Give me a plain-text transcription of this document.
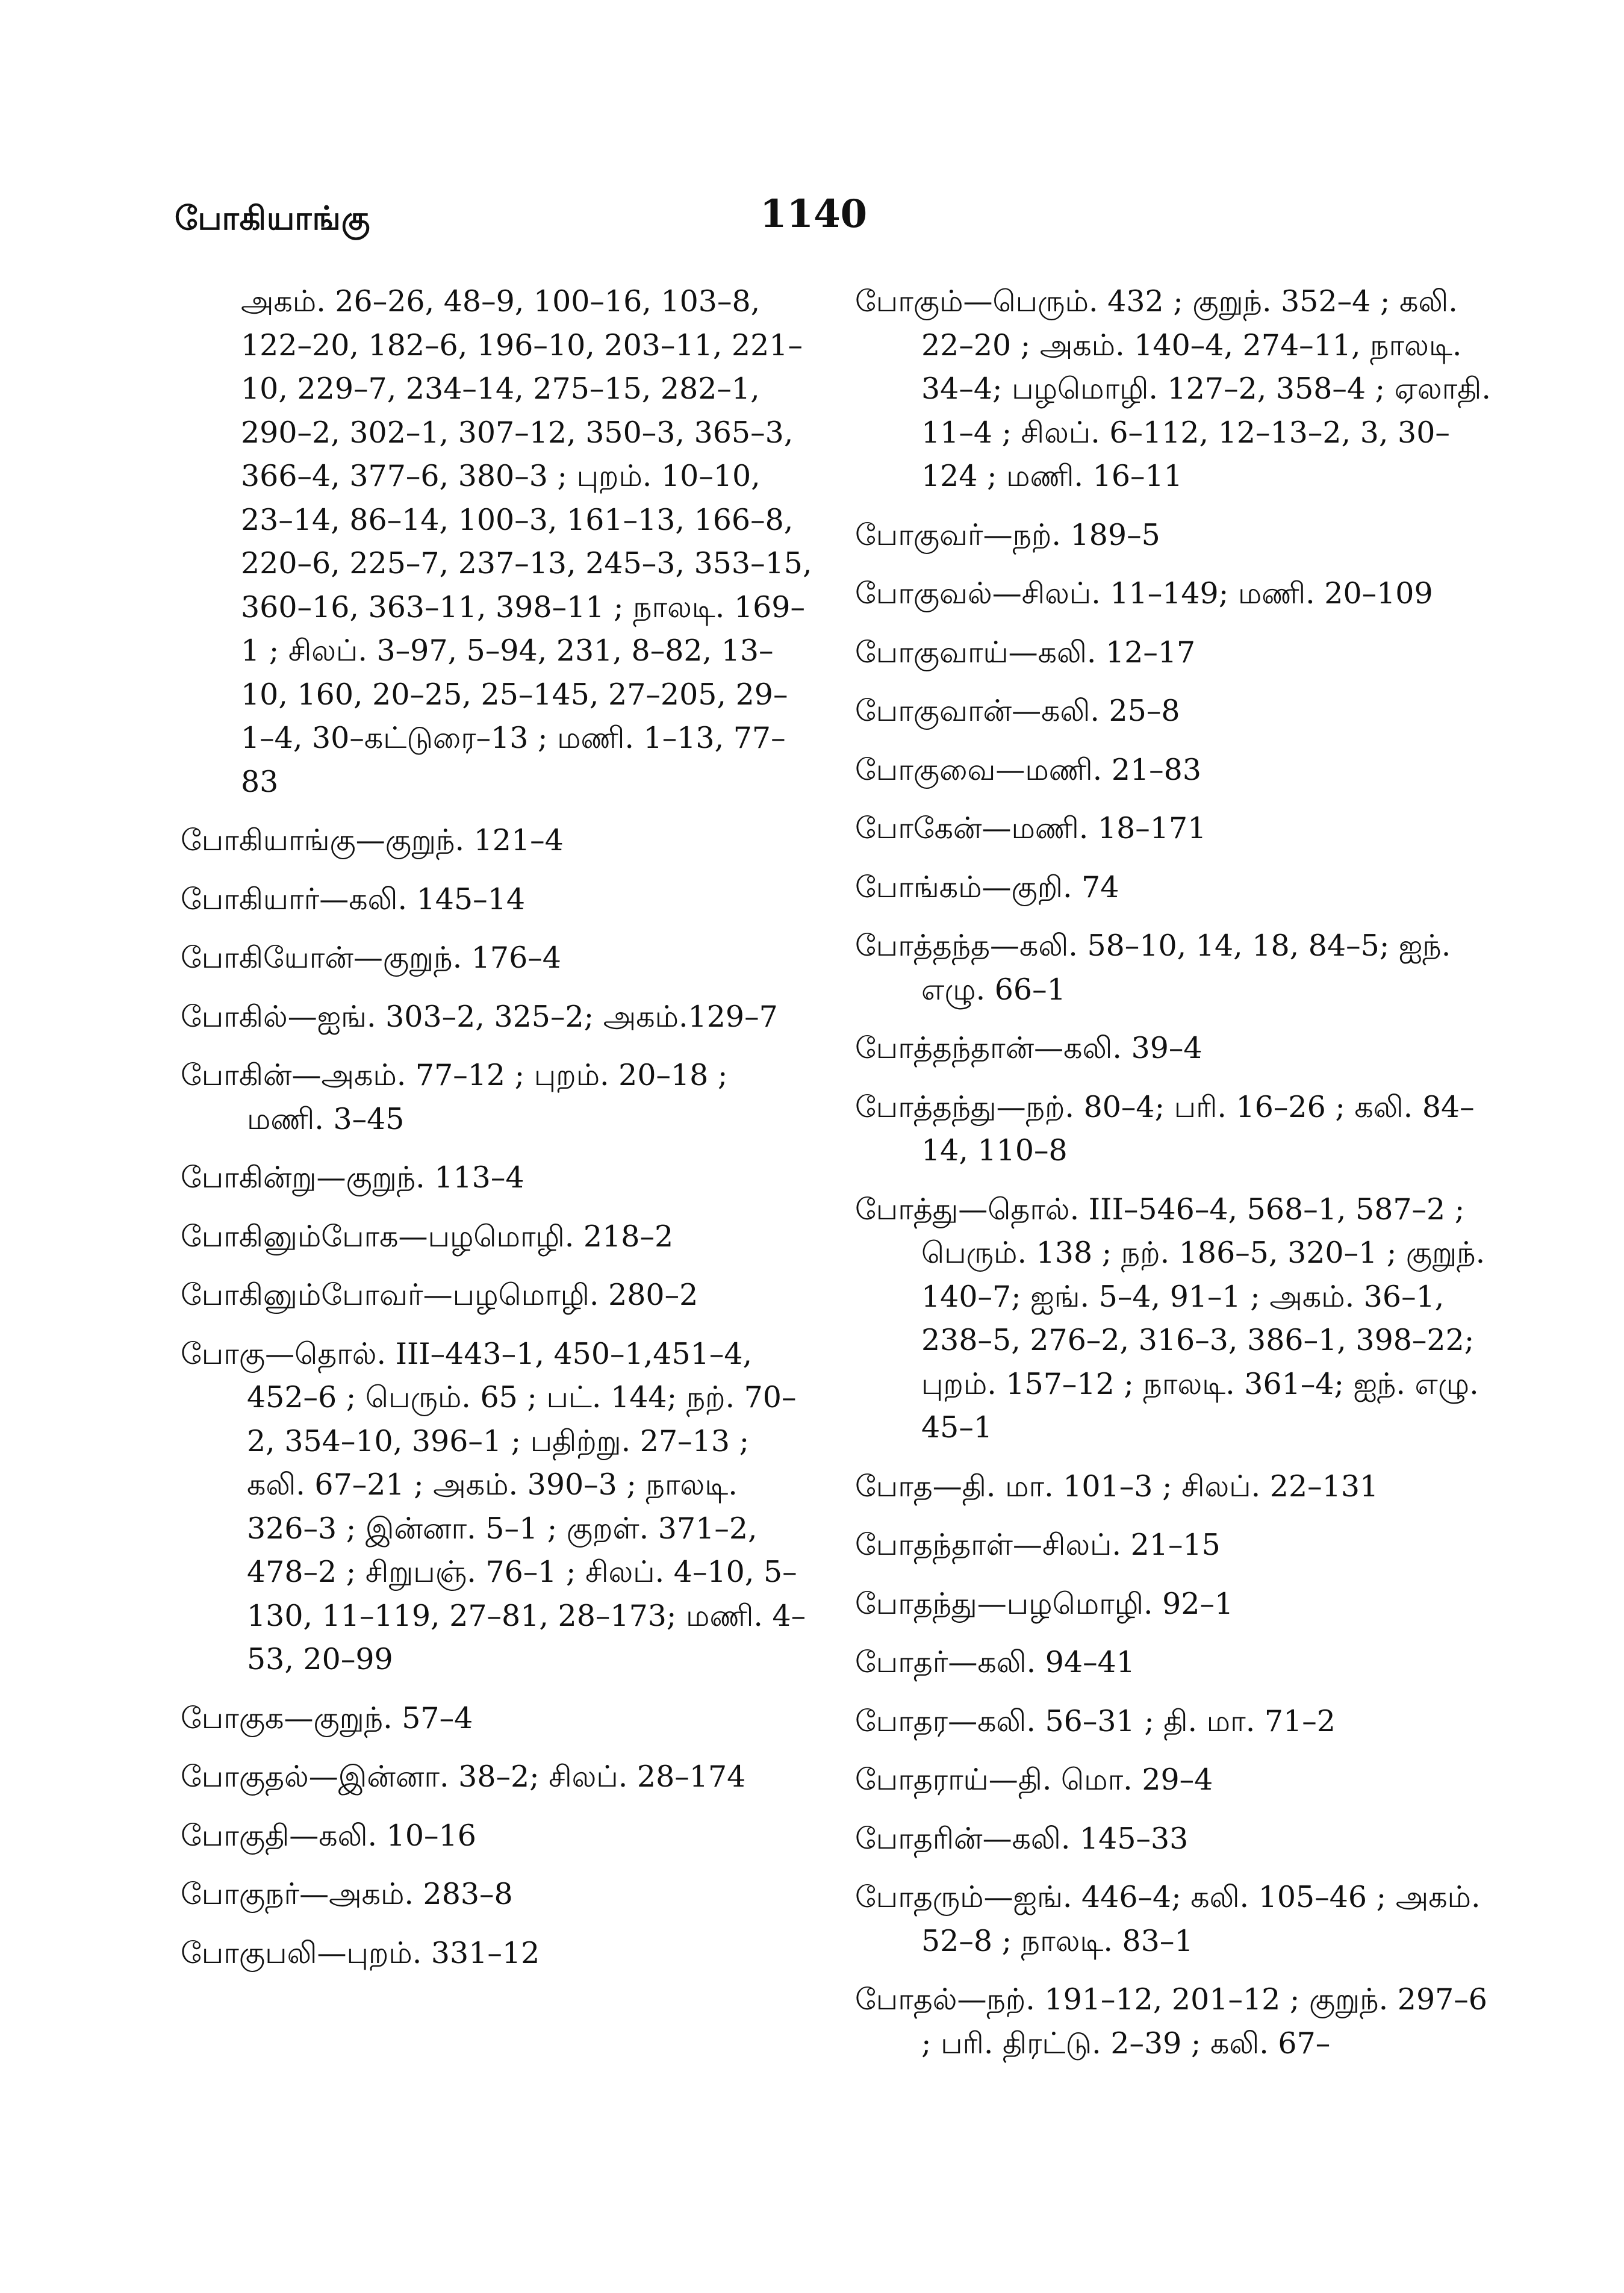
போகியாங்கு	1140
அகம். 26–26, 48–9, 100–16, 103–8, 122–20, 182–6, 196–10, 203–11, 221–10, 229–7, 234–14, 275–15, 282–1, 290–2, 302–1, 307–12, 350–3, 365–3, 366–4, 377–6, 380–3 ; புறம். 10–10, 23–14, 86–14, 100–3, 161–13, 166–8, 220–6, 225–7, 237–13, 245–3, 353–15, 360–16, 363–11, 398–11 ; நாலடி. 169–1 ; சிலப். 3–97, 5–94, 231, 8–82, 13–10, 160, 20–25, 25–145, 27–205, 29–1–4, 30–கட்டுரை–13 ; மணி. 1–13, 77–83
போகியாங்கு—குறுந். 121–4
போகியார்—கலி. 145–14
போகியோன்—குறுந். 176–4
போகில்—ஐங். 303–2, 325–2; அகம்.129–7
போகின்—அகம். 77–12 ; புறம். 20–18 ; மணி. 3–45
போகின்று—குறுந். 113–4
போகினும்போக—பழமொழி. 218–2
போகினும்போவர்—பழமொழி. 280–2
போகு—தொல். III–443–1, 450–1,451–4, 452–6 ; பெரும். 65 ; பட். 144; நற். 70–2, 354–10, 396–1 ; பதிற்று. 27–13 ; கலி. 67–21 ; அகம். 390–3 ; நாலடி. 326–3 ; இன்னா. 5–1 ; குறள். 371–2, 478–2 ; சிறுபஞ். 76–1 ; சிலப். 4–10, 5–130, 11–119, 27–81, 28–173; மணி. 4–53, 20–99
போகுக—குறுந். 57–4
போகுதல்—இன்னா. 38–2; சிலப். 28–174
போகுதி—கலி. 10–16
போகுநர்—அகம். 283–8
போகுபலி—புறம். 331–12
போகும்—பெரும். 432 ; குறுந். 352–4 ; கலி. 22–20 ; அகம். 140–4, 274–11, நாலடி. 34–4; பழமொழி. 127–2, 358–4 ; ஏலாதி. 11–4 ; சிலப். 6–112, 12–13–2, 3, 30–124 ; மணி. 16–11
போகுவர்—நற். 189–5
போகுவல்—சிலப். 11–149; மணி. 20–109
போகுவாய்—கலி. 12–17
போகுவான்—கலி. 25–8
போகுவை—மணி. 21–83
போகேன்—மணி. 18–171
போங்கம்—குறி. 74
போத்தந்த—கலி. 58–10, 14, 18, 84–5; ஐந். எழு. 66–1
போத்தந்தான்—கலி. 39–4
போத்தந்து—நற். 80–4; பரி. 16–26 ; கலி. 84–14, 110–8
போத்து—தொல். III–546–4, 568–1, 587–2 ; பெரும். 138 ; நற். 186–5, 320–1 ; குறுந். 140–7; ஐங். 5–4, 91–1 ; அகம். 36–1, 238–5, 276–2, 316–3, 386–1, 398–22; புறம். 157–12 ; நாலடி. 361–4; ஐந். எழு. 45–1
போத—தி. மா. 101–3 ; சிலப். 22–131
போதந்தாள்—சிலப். 21–15
போதந்து—பழமொழி. 92–1
போதர்—கலி. 94–41
போதர—கலி. 56–31 ; தி. மா. 71–2
போதராய்—தி. மொ. 29–4
போதரின்—கலி. 145–33
போதரும்—ஐங். 446–4; கலி. 105–46 ; அகம். 52–8 ; நாலடி. 83–1
போதல்—நற். 191–12, 201–12 ; குறுந். 297–6 ; பரி. திரட்டு. 2–39 ; கலி. 67–
